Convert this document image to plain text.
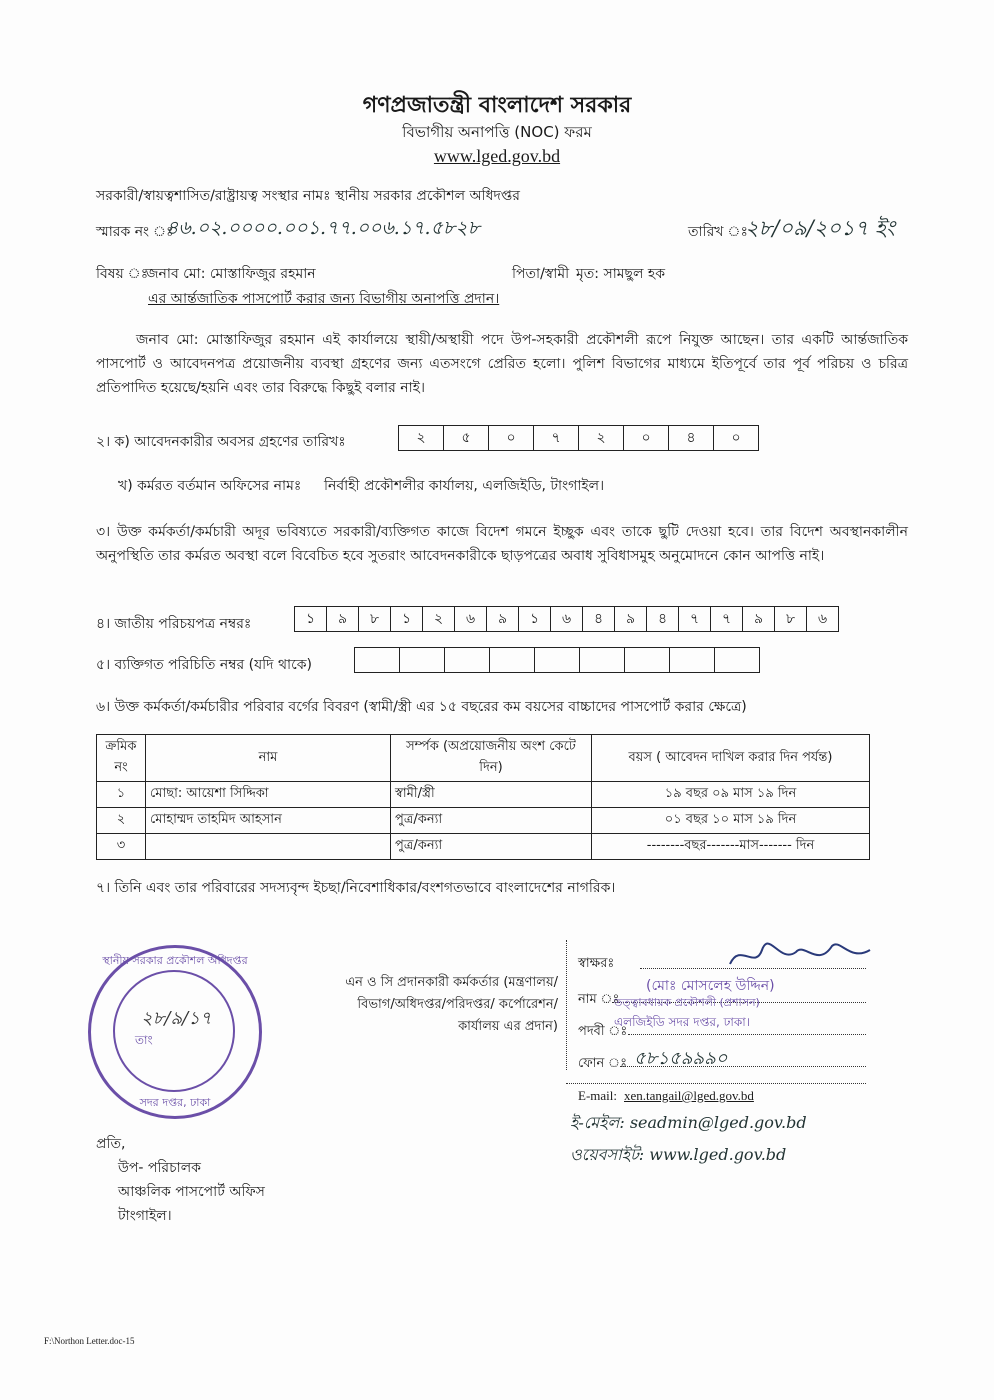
গণপ্রজাতন্ত্রী বাংলাদেশ সরকার
বিভাগীয় অনাপত্তি (NOC) ফরম
www.lged.gov.bd
সরকারী/স্বায়ত্বশাসিত/রাষ্ট্রায়ত্ব সংস্থার নামঃ স্থানীয় সরকার প্রকৌশল অধিদপ্তর
স্মারক নং ঃ
৪৬.০২.০০০০.০০১.৭৭.০০৬.১৭.৫৮২৮	তারিখ ঃ
২৮/০৯/২০১৭ ইং
বিষয় ঃ
জনাব মো: মোস্তাফিজুর রহমান	পিতা/স্বামী মৃত: সামছুল হক
এর আর্ন্তজাতিক পাসপোর্ট করার জন্য বিভাগীয় অনাপত্তি প্রদান।
জনাব মো: মোস্তাফিজুর রহমান এই কার্যালয়ে স্থায়ী/অস্থায়ী পদে উপ-সহকারী প্রকৌশলী রূপে নিযুক্ত আছেন। তার একটি আর্ন্তজাতিক পাসপোর্ট ও আবেদনপত্র প্রয়োজনীয় ব্যবস্থা গ্রহণের জন্য এতসংগে প্রেরিত হলো। পুলিশ বিভাগের মাধ্যমে ইতিপূর্বে তার পূর্ব পরিচয় ও চরিত্র প্রতিপাদিত হয়েছে/হয়নি এবং তার বিরুদ্ধে কিছুই বলার নাই।
২। ক) আবেদনকারীর অবসর গ্রহণের তারিখঃ	২	৫	০	৭	২	০	৪	০
খ) কর্মরত বর্তমান অফিসের নামঃ নির্বাহী প্রকৌশলীর কার্যালয়, এলজিইডি, টাংগাইল।
৩। উক্ত কর্মকর্তা/কর্মচারী অদূর ভবিষ্যতে সরকারী/ব্যক্তিগত কাজে বিদেশ গমনে ইচ্ছুক এবং তাকে ছুটি দেওয়া হবে। তার বিদেশ অবস্থানকালীন অনুপস্থিতি তার কর্মরত অবস্থা বলে বিবেচিত হবে সুতরাং আবেদনকারীকে ছাড়পত্রের অবাধ সুবিধাসমুহ অনুমোদনে কোন আপত্তি নাই।
৪। জাতীয় পরিচয়পত্র নম্বরঃ	১	৯	৮	১	২	৬	৯	১	৬	৪	৯	৪	৭	৭	৯	৮	৬
৫। ব্যক্তিগত পরিচিতি নম্বর (যদি থাকে)
৬। উক্ত কর্মকর্তা/কর্মচারীর পরিবার বর্গের বিবরণ (স্বামী/স্ত্রী এর ১৫ বছরের কম বয়সের বাচ্চাদের পাসপোর্ট করার ক্ষেত্রে)
ক্রমিক নং	নাম	সর্ম্পক (অপ্রয়োজনীয় অংশ কেটে দিন)	বয়স ( আবেদন দাখিল করার দিন পর্যন্ত)
১	মোছা: আয়েশা সিদ্দিকা	স্বামী/স্ত্রী	১৯ বছর ০৯ মাস ১৯ দিন
২	মোহাম্মদ তাহমিদ আহসান	পুত্র/কন্যা	০১ বছর ১০ মাস ১৯ দিন
৩		পুত্র/কন্যা	--------বছর-------মাস------- দিন
৭। তিনি এবং তার পরিবারের সদস্যবৃন্দ ইচছা/নিবেশাধিকার/বংশগতভাবে বাংলাদেশের নাগরিক।
স্থানীয় সরকার প্রকৌশল অধিদপ্তর
সদর দপ্তর, ঢাকা
তাং
২৮/৯/১৭
এন ও সি প্রদানকারী কর্মকর্তার (মন্ত্রণালয়/বিভাগ/অধিদপ্তর/পরিদপ্তর/ কর্পোরেশন/কার্যালয় এর প্রদান)
স্বাক্ষরঃ
নাম ঃ
(মোঃ মোসলেহ উদ্দিন)
তত্ত্বাবধায়ক প্রকৌশলী (প্রশাসন)
পদবী ঃ
এলজিইডি সদর দপ্তর, ঢাকা।
ফোন ঃ ৫৮১৫৯৯৯০
E-mail: xen.tangail@lged.gov.bd
ই-মেইল: seadmin@lged.gov.bd
ওয়েবসাইট: www.lged.gov.bd
প্রতি,
উপ- পরিচালক
আঞ্চলিক পাসপোর্ট অফিস
টাংগাইল।
F:\Northon Letter.doc-15
